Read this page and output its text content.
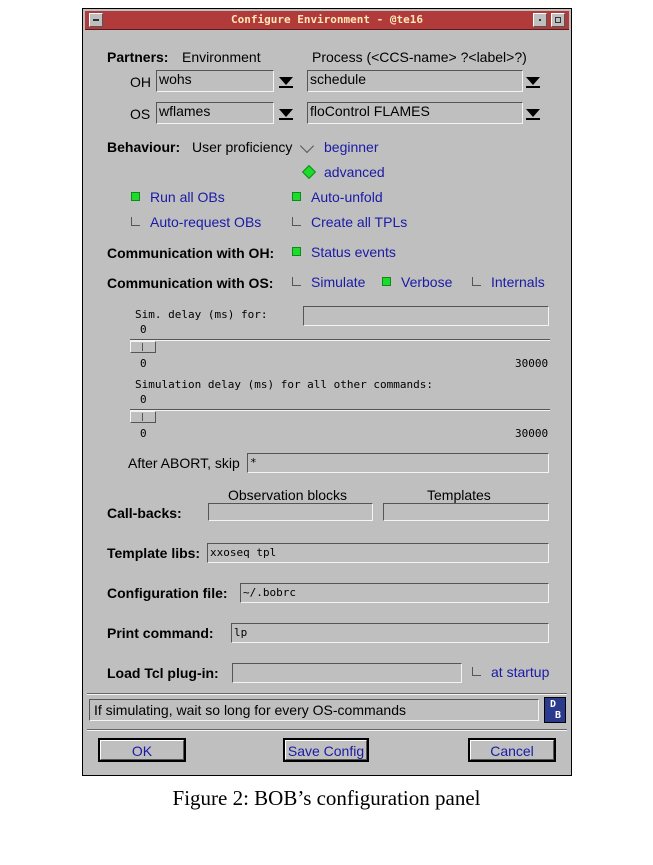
Configure Environment - @te16
Partners: Environment	Process (<CCS-name> ?<label>?)
OH wohs	schedule
OS wflames	floControl FLAMES
Behaviour: User proficiency beginner
advanced
Run all OBs	Auto-unfold
Auto-request OBs	Create all TPLs
Communication with OH:	Status events
Communication with OS:	Simulate	Verbose	Internals
Sim. delay (ms) for:
0
0	30000
Simulation delay (ms) for all other commands:
0
0	30000
After ABORT, skip *
Observation blocks	Templates
Call-backs:
Template libs: xxoseq tpl
Configuration file: ~/.bobrc
Print command: lp
Load Tcl plug-in:	at startup
If simulating, wait so long for every OS-commands	D
B
OK	Save Config	Cancel
Figure 2: BOB’s configuration panel
